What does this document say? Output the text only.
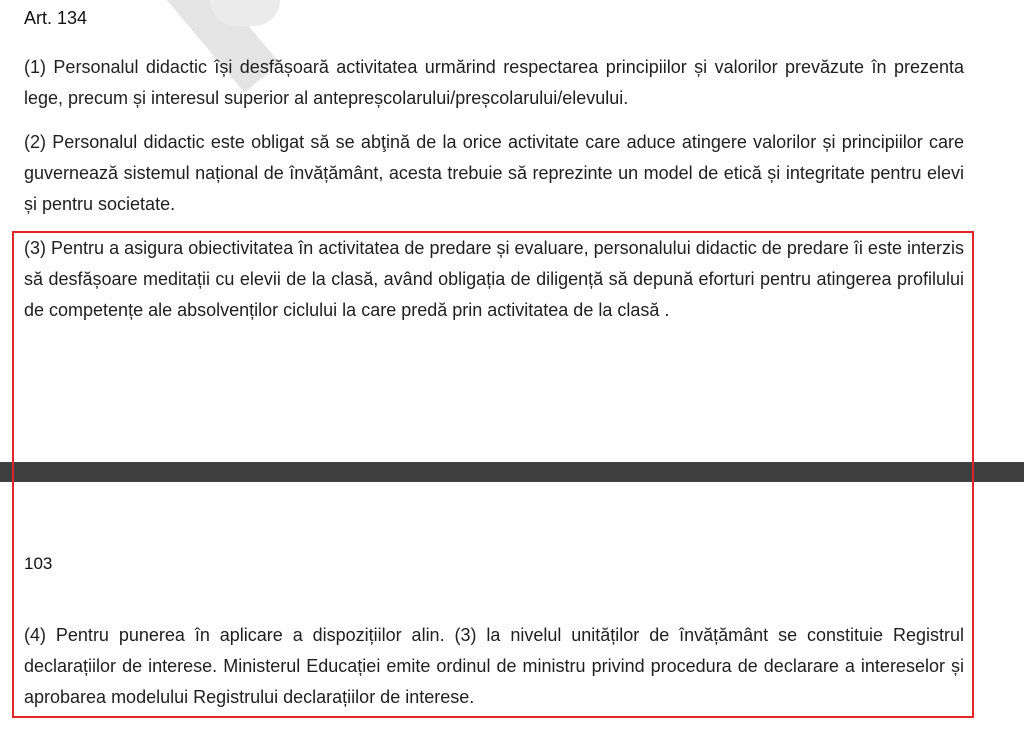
Art. 134
(1) Personalul didactic își desfășoară activitatea urmărind respectarea principiilor și valorilor prevăzute în prezenta lege, precum și interesul superior al antepreșcolarului/preșcolarului/elevului.
(2) Personalul didactic este obligat să se abţină de la orice activitate care aduce atingere valorilor și principiilor care guvernează sistemul național de învățământ, acesta trebuie să reprezinte un model de etică și integritate pentru elevi și pentru societate.
(3) Pentru a asigura obiectivitatea în activitatea de predare și evaluare, personalului didactic de predare îi este interzis să desfășoare meditații cu elevii de la clasă, având obligația de diligență să depună eforturi pentru atingerea profilului de competențe ale absolvenților ciclului la care predă prin activitatea de la clasă .
103
(4) Pentru punerea în aplicare a dispozițiilor alin. (3) la nivelul unităților de învățământ se constituie Registrul declarațiilor de interese. Ministerul Educației emite ordinul de ministru privind procedura de declarare a intereselor și aprobarea modelului Registrului declarațiilor de interese.
